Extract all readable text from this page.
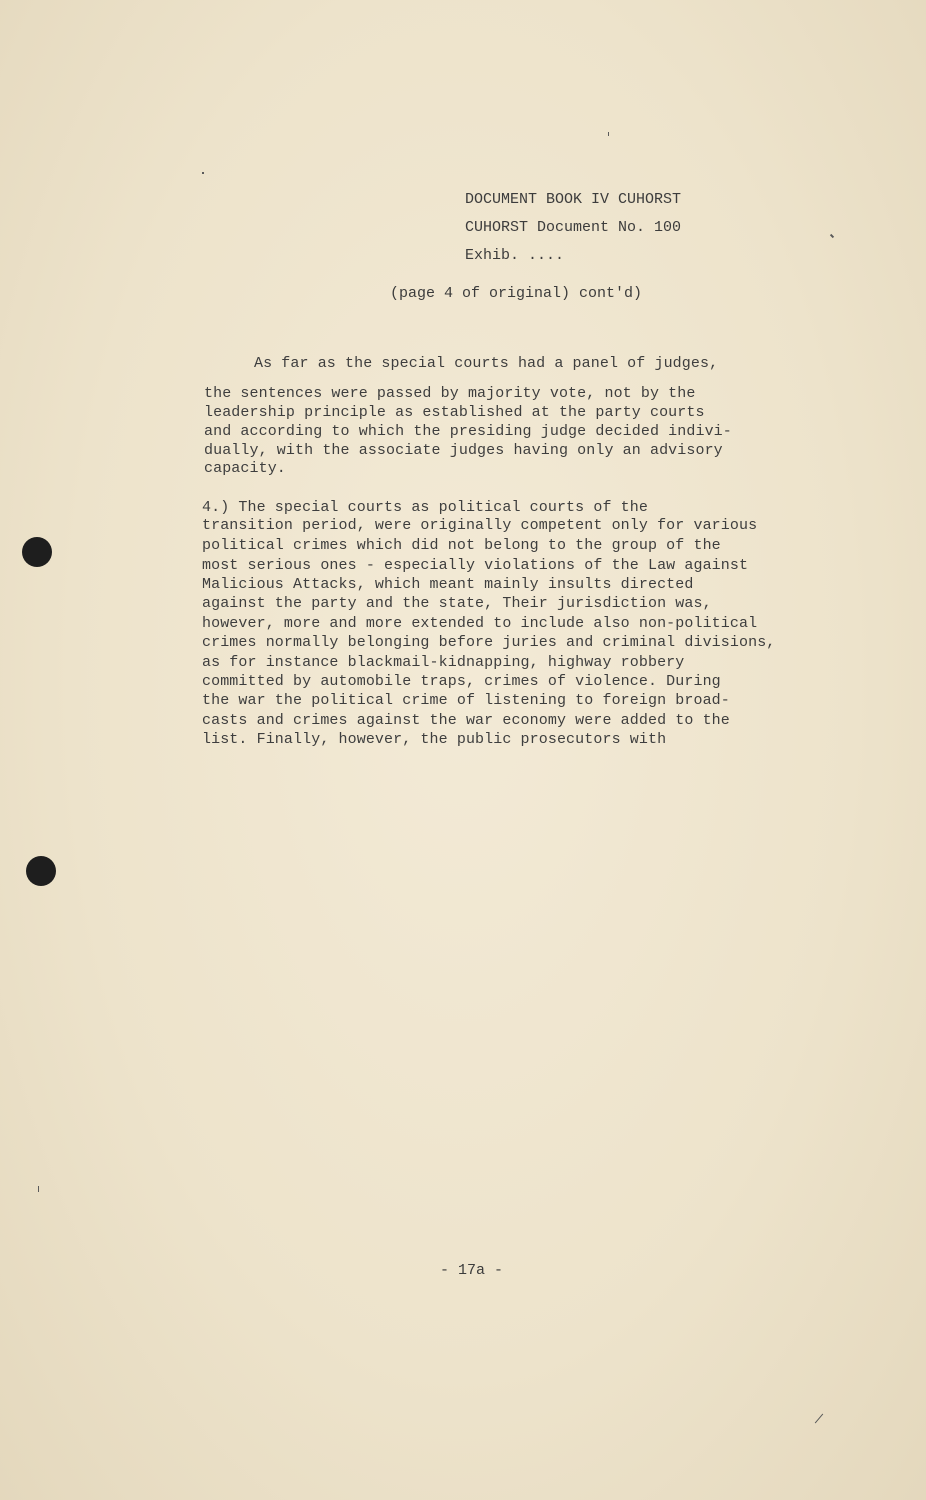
DOCUMENT BOOK IV CUHORST
CUHORST Document No. 100
Exhib. ....
(page 4 of original) cont'd)
As far as the special courts had a panel of judges,
the sentences were passed by majority vote, not by the
leadership principle as established at the party courts
and according to which the presiding judge decided indivi-
dually, with the associate judges having only an advisory
capacity.
4.) The special courts as political courts of the
transition period, were originally competent only for various
political crimes which did not belong to the group of the
most serious ones - especially violations of the Law against
Malicious Attacks, which meant mainly insults directed
against the party and the state, Their jurisdiction was,
however, more and more extended to include also non-political
crimes normally belonging before juries and criminal divisions,
as for instance blackmail-kidnapping, highway robbery
committed by automobile traps, crimes of violence. During
the war the political crime of listening to foreign broad-
casts and crimes against the war economy were added to the
list. Finally, however, the public prosecutors with
- 17a -
